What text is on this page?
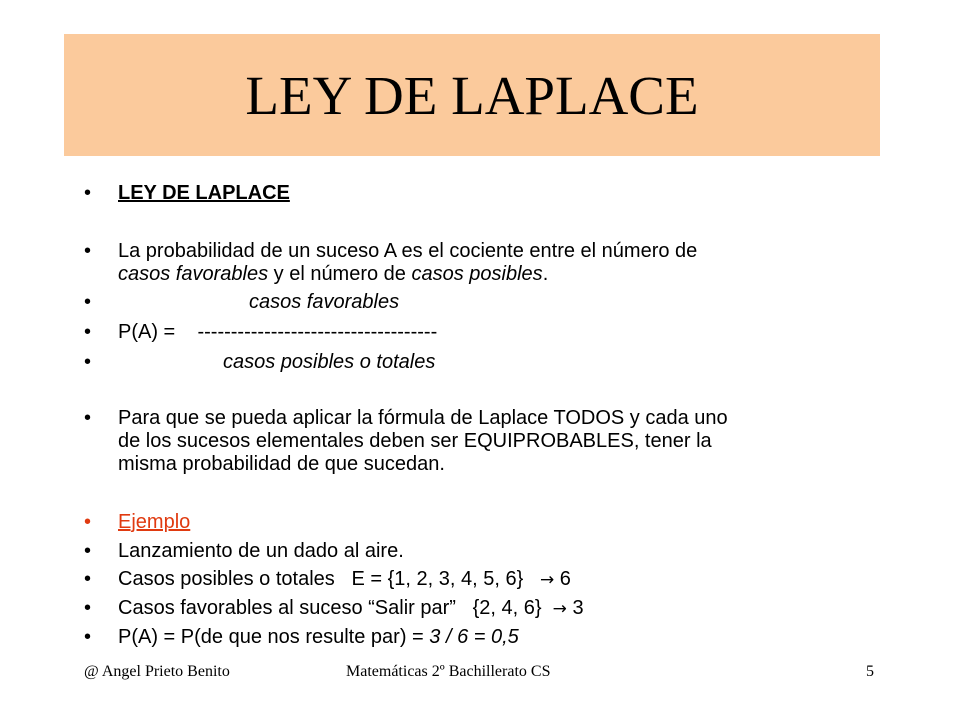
LEY DE LAPLACE
•	LEY DE LAPLACE
•	La probabilidad de un suceso A es el cociente entre el número de
casos favorables y el número de casos posibles.
•	casos favorables
•	P(A) =    ------------------------------------
•	casos posibles o totales
•	Para que se pueda aplicar la fórmula de Laplace TODOS y cada uno
de los sucesos elementales deben ser EQUIPROBABLES, tener la
misma probabilidad de que sucedan.
•	Ejemplo
•	Lanzamiento de un dado al aire.
•	Casos posibles o totales   E = {1, 2, 3, 4, 5, 6}   → 6
•	Casos favorables al suceso “Salir par”   {2, 4, 6}  → 3
•	P(A) = P(de que nos resulte par) = 3 / 6 = 0,5
@ Angel Prieto Benito	Matemáticas 2º Bachillerato CS	5
